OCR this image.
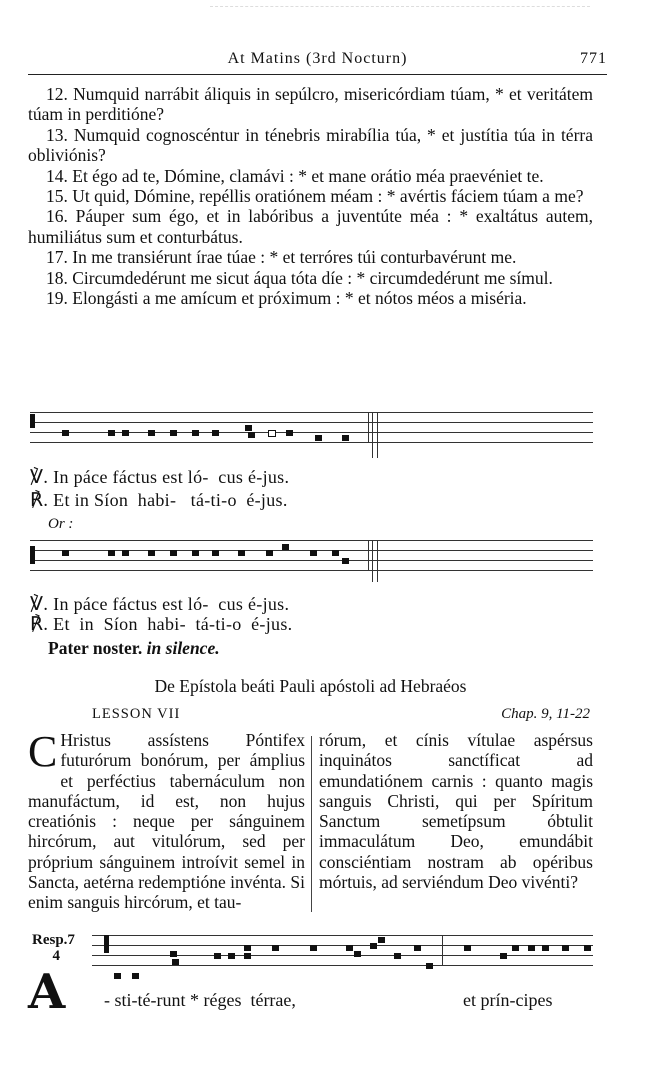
At Matins (3rd Nocturn)	771

12. Numquid narrábit áliquis in sepúlcro, misericórdiam túam, * et veritátem túam in perditióne?

13. Numquid cognoscéntur in ténebris mirabília túa, * et justítia túa in térra obliviónis?

14. Et égo ad te, Dómine, clamávi : * et mane orátio méa praevéniet te.

15. Ut quid, Dómine, repéllis oratiónem méam : * avértis fáciem túam a me?

16. Páuper sum égo, et in labóribus a juventúte méa : * exaltátus autem, humiliátus sum et conturbátus.

17. In me transiérunt írae túae : * et terróres túi conturbavérunt me.

18. Circumdedérunt me sicut áqua tóta díe : * circumdedérunt me símul.

19. Elongásti a me amícum et próximum : * et nótos méos a miséria.

℣. In páce fáctus est ló-  cus é-jus.
℟. Et in Síon  habi-   tá-ti-o  é-jus.
Or :
℣. In páce fáctus est ló-  cus é-jus.
℟. Et  in  Síon  habi-  tá-ti-o  é-jus.
Pater noster. in silence.
De Epístola beáti Pauli apóstoli ad Hebraéos
LESSON VII	Chap. 9, 11-22

C Hristus assístens Póntifex futurórum bonórum, per ámplius et perféctius tabernáculum non manufáctum, id est, non hujus creatiónis : neque per sánguinem hircórum, aut vitulórum, sed per próprium sánguinem introívit semel in Sancta, aetérna redemptióne invénta. Si enim sanguis hircórum, et tau-

rórum, et cínis vítulae aspérsus inquinátos sanctíficat ad emundatiónem carnis : quanto magis sanguis Christi, qui per Spíritum Sanctum semetípsum óbtulit immaculátum Deo, emundábit consciéntiam nostram ab opéribus mórtuis, ad serviéndum Deo vivénti?

Resp.7
4
A - sti-té-runt * réges  térrae,	et prín-cipes
